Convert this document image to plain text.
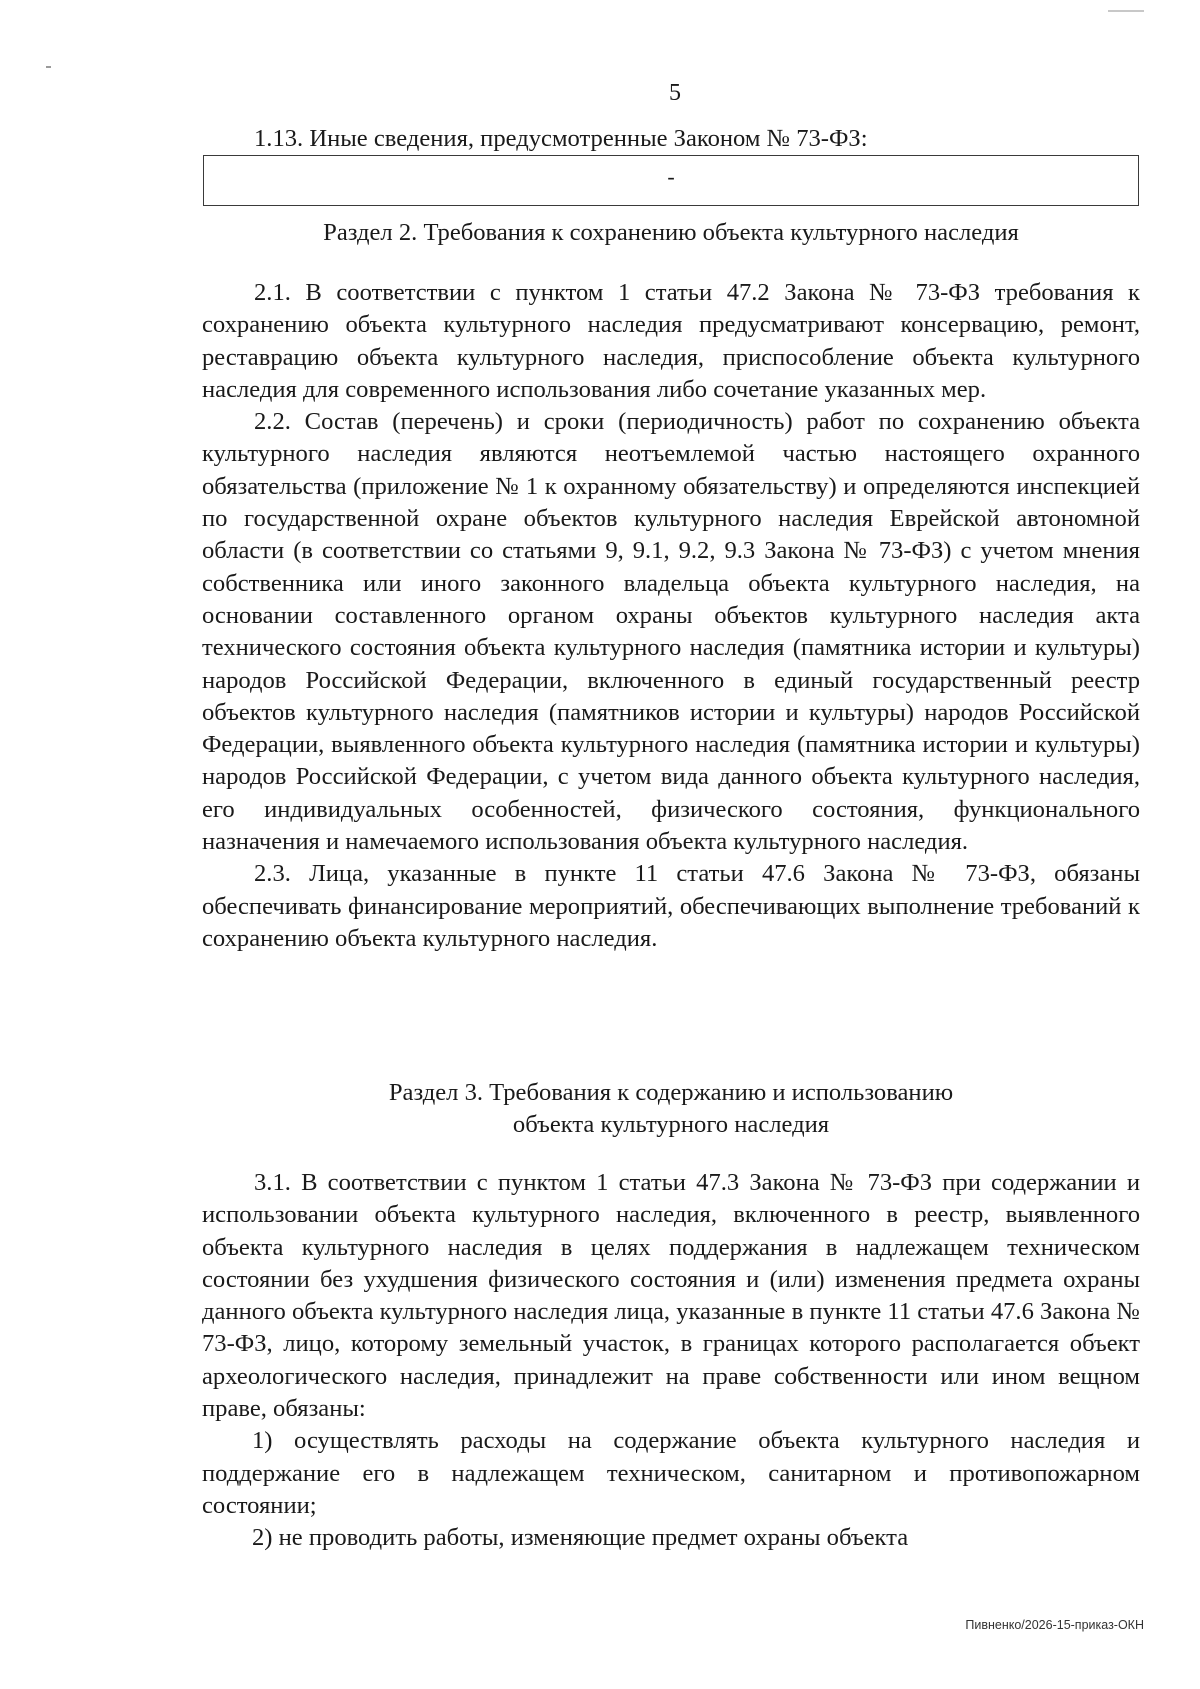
5
1.13. Иные сведения, предусмотренные Законом № 73-ФЗ:
-
Раздел 2. Требования к сохранению объекта культурного наследия

2.1. В соответствии с пунктом 1 статьи 47.2 Закона № 73-ФЗ требования к сохранению объекта культурного наследия предусматривают консервацию, ремонт, реставрацию объекта культурного наследия, приспособление объекта культурного наследия для современного использования либо сочетание указанных мер.

2.2. Состав (перечень) и сроки (периодичность) работ по сохранению объекта культурного наследия являются неотъемлемой частью настоящего охранного обязательства (приложение № 1 к охранному обязательству) и определяются инспекцией по государственной охране объектов культурного наследия Еврейской автономной области (в соответствии со статьями 9, 9.1, 9.2, 9.3 Закона № 73-ФЗ) с учетом мнения собственника или иного законного владельца объекта культурного наследия, на основании составленного органом охраны объектов культурного наследия акта технического состояния объекта культурного наследия (памятника истории и культуры) народов Российской Федерации, включенного в единый государственный реестр объектов культурного наследия (памятников истории и культуры) народов Российской Федерации, выявленного объекта культурного наследия (памятника истории и культуры) народов Российской Федерации, с учетом вида данного объекта культурного наследия, его индивидуальных особенностей, физического состояния, функционального назначения и намечаемого использования объекта культурного наследия.

2.3. Лица, указанные в пункте 11 статьи 47.6 Закона № 73-ФЗ, обязаны обеспечивать финансирование мероприятий, обеспечивающих выполнение требований к сохранению объекта культурного наследия.

Раздел 3. Требования к содержанию и использованию
объекта культурного наследия

3.1. В соответствии с пунктом 1 статьи 47.3 Закона № 73-ФЗ при содержании и использовании объекта культурного наследия, включенного в реестр, выявленного объекта культурного наследия в целях поддержания в надлежащем техническом состоянии без ухудшения физического состояния и (или) изменения предмета охраны данного объекта культурного наследия лица, указанные в пункте 11 статьи 47.6 Закона № 73-ФЗ, лицо, которому земельный участок, в границах которого располагается объект археологического наследия, принадлежит на праве собственности или ином вещном праве, обязаны:

1) осуществлять расходы на содержание объекта культурного наследия и поддержание его в надлежащем техническом, санитарном и противопожарном состоянии;

2) не проводить работы, изменяющие предмет охраны объекта

Пивненко/2026-15-приказ-ОКН
